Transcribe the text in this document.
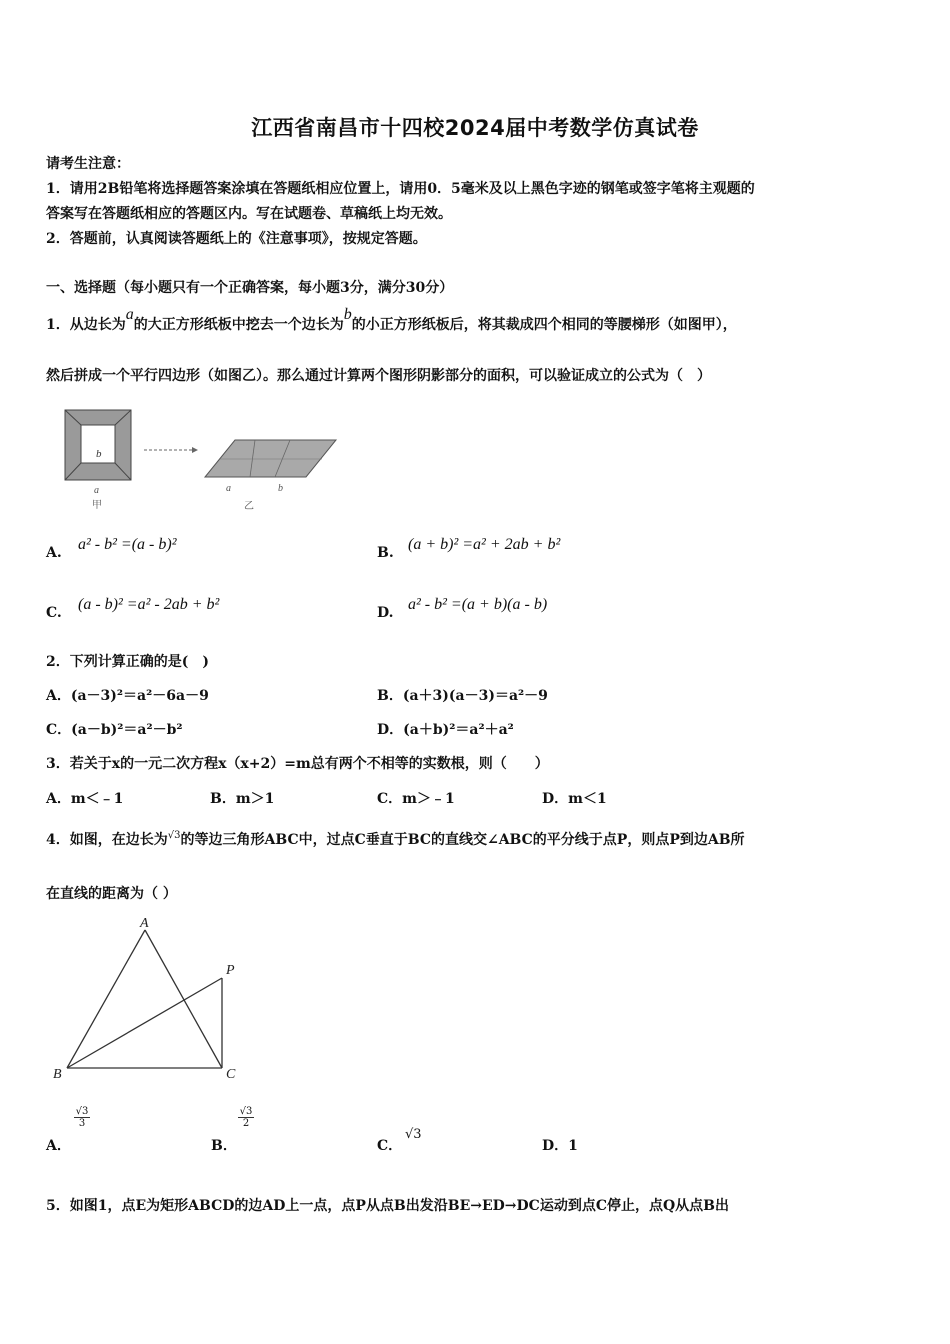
江西省南昌市十四校2024届中考数学仿真试卷
请考生注意：
1．请用2B铅笔将选择题答案涂填在答题纸相应位置上，请用0．5毫米及以上黑色字迹的钢笔或签字笔将主观题的
答案写在答题纸相应的答题区内。写在试题卷、草稿纸上均无效。
2．答题前，认真阅读答题纸上的《注意事项》，按规定答题。
一、选择题（每小题只有一个正确答案，每小题3分，满分30分）
1．从边长为a的大正方形纸板中挖去一个边长为b的小正方形纸板后，将其裁成四个相同的等腰梯形（如图甲），
然后拼成一个平行四边形（如图乙）。那么通过计算两个图形阴影部分的面积，可以验证成立的公式为（　）
b
a
甲
a	b
乙
A. a² - b² =(a - b)²	B. (a + b)² =a² + 2ab + b²
C. (a - b)² =a² - 2ab + b²	D. a² - b² =(a + b)(a - b)
2．下列计算正确的是(　)
A．(a－3)²＝a²－6a－9	B．(a＋3)(a－3)＝a²－9
C．(a－b)²＝a²－b²	D．(a＋b)²＝a²＋a²
3．若关于x的一元二次方程x（x+2）=m总有两个不相等的实数根，则（　　）
A．m＜﹣1	B．m＞1	C．m＞﹣1	D．m＜1
4．如图，在边长为$^{√3}$的等边三角形ABC中，过点C垂直于BC的直线交∠ABC的平分线于点P，则点P到边AB所
在直线的距离为（ ）
A
B	C
P
A．
$\frac{√3}{3}$
B．
$\frac{√3}{2}$
C．
√3
D．1
5．如图1，点E为矩形ABCD的边AD上一点，点P从点B出发沿BE→ED→DC运动到点C停止，点Q从点B出
